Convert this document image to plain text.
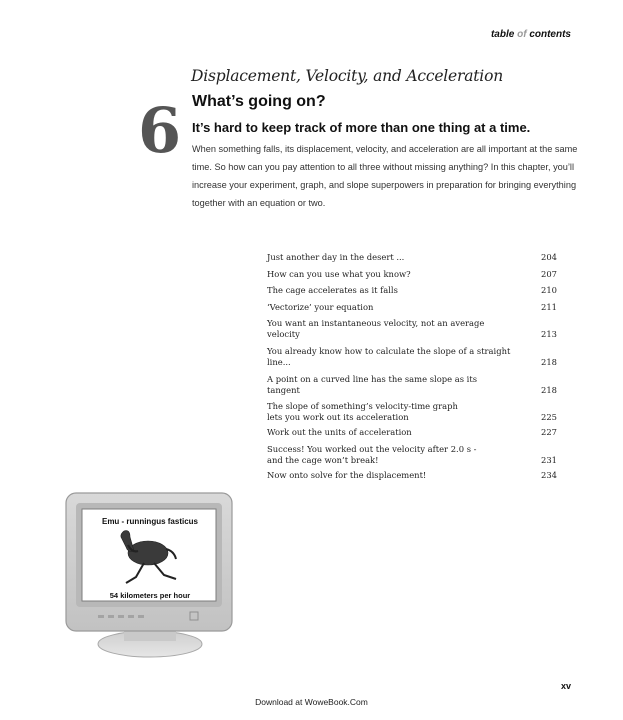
table of contents
6
Displacement, Velocity, and Acceleration
What’s going on?
It’s hard to keep track of more than one thing at a time.
When something falls, its displacement, velocity, and acceleration are all important at the same time. So how can you pay attention to all three without missing anything? In this chapter, you’ll increase your experiment, graph, and slope superpowers in preparation for bringing everything together with an equation or two.
Just another day in the desert ...	204
How can you use what you know?	207
The cage accelerates as it falls	210
‘Vectorize’ your equation	211
You want an instantaneous velocity, not an average velocity	213
You already know how to calculate the slope of a straight line...	218
A point on a curved line has the same slope as its tangent	218
The slope of something’s velocity-time graph
lets you work out its acceleration	225
Work out the units of acceleration	227
Success! You worked out the velocity after 2.0 s -
and the cage won’t break!	231
Now onto solve for the displacement!	234
Emu - runningus fasticus
54 kilometers per hour
xv
Download at WoweBook.Com
